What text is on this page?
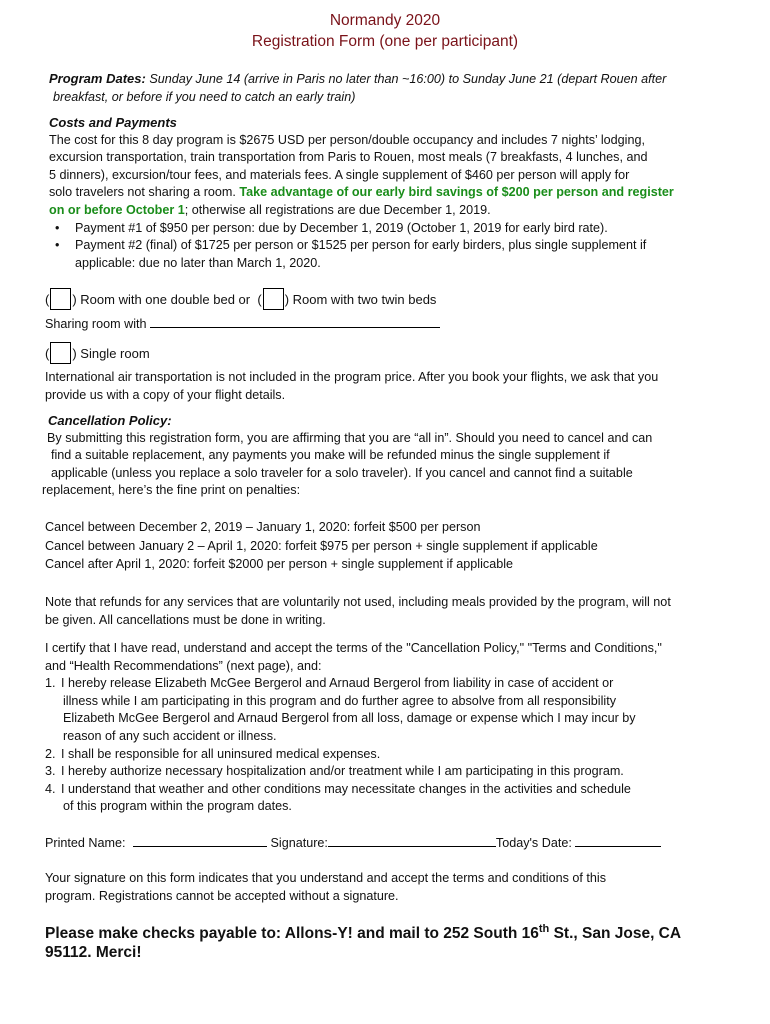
Normandy 2020
Registration Form (one per participant)
Program Dates: Sunday June 14 (arrive in Paris no later than ~16:00) to Sunday June 21 (depart Rouen after
breakfast, or before if you need to catch an early train)
Costs and Payments
The cost for this 8 day program is $2675 USD per person/double occupancy and includes 7 nights’ lodging,
excursion transportation, train transportation from Paris to Rouen, most meals (7 breakfasts, 4 lunches, and
5 dinners), excursion/tour fees, and materials fees. A single supplement of $460 per person will apply for
solo travelers not sharing a room. Take advantage of our early bird savings of $200 per person and register
on or before October 1; otherwise all registrations are due December 1, 2019.
• Payment #1 of $950 per person: due by December 1, 2019 (October 1, 2019 for early bird rate).
• Payment #2 (final) of $1725 per person or $1525 per person for early birders, plus single supplement if
applicable: due no later than March 1, 2020.
( ) Room with one double bed or ( ) Room with two twin beds
Sharing room with
( ) Single room
International air transportation is not included in the program price. After you book your flights, we ask that you
provide us with a copy of your flight details.
Cancellation Policy:
By submitting this registration form, you are affirming that you are “all in”. Should you need to cancel and can
find a suitable replacement, any payments you make will be refunded minus the single supplement if
applicable (unless you replace a solo traveler for a solo traveler). If you cancel and cannot find a suitable
replacement, here’s the fine print on penalties:
Cancel between December 2, 2019 – January 1, 2020: forfeit $500 per person
Cancel between January 2 – April 1, 2020: forfeit $975 per person + single supplement if applicable
Cancel after April 1, 2020: forfeit $2000 per person + single supplement if applicable
Note that refunds for any services that are voluntarily not used, including meals provided by the program, will not
be given. All cancellations must be done in writing.
I certify that I have read, understand and accept the terms of the "Cancellation Policy," "Terms and Conditions,"
and “Health Recommendations” (next page), and:
1. I hereby release Elizabeth McGee Bergerol and Arnaud Bergerol from liability in case of accident or
illness while I am participating in this program and do further agree to absolve from all responsibility
Elizabeth McGee Bergerol and Arnaud Bergerol from all loss, damage or expense which I may incur by
reason of any such accident or illness.
2. I shall be responsible for all uninsured medical expenses.
3. I hereby authorize necessary hospitalization and/or treatment while I am participating in this program.
4. I understand that weather and other conditions may necessitate changes in the activities and schedule
of this program within the program dates.
Printed Name:	Signature:	Today's Date:
Your signature on this form indicates that you understand and accept the terms and conditions of this
program. Registrations cannot be accepted without a signature.
Please make checks payable to: Allons-Y! and mail to 252 South 16th St., San Jose, CA
95112. Merci!
